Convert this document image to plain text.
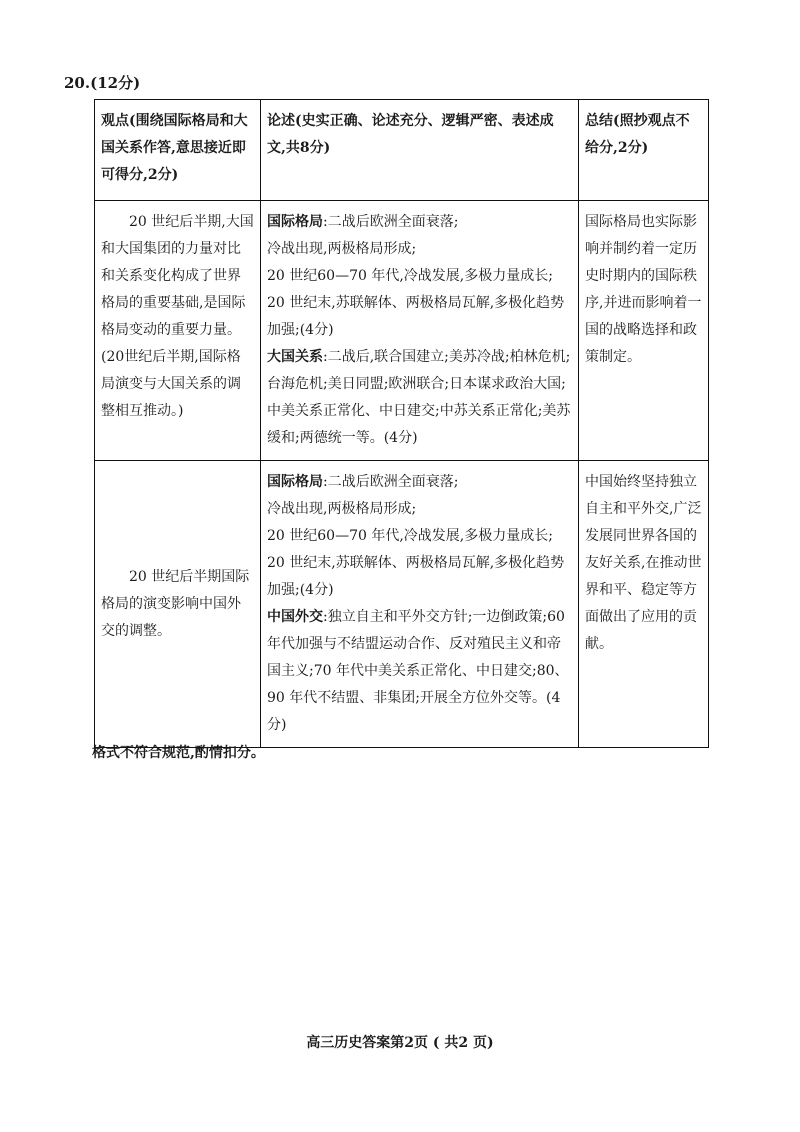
20.(12分)
观点(围绕国际格局和大国关系作答,意思接近即可得分,2分)	论述(史实正确、论述充分、逻辑严密、表述成文,共8分)	总结(照抄观点不给分,2分)
20 世纪后半期,大国和大国集团的力量对比和关系变化构成了世界格局的重要基础,是国际格局变动的重要力量。(20世纪后半期,国际格局演变与大国关系的调整相互推动。)	国际格局:二战后欧洲全面衰落;
冷战出现,两极格局形成;
20 世纪60—70 年代,冷战发展,多极力量成长;
20 世纪末,苏联解体、两极格局瓦解,多极化趋势加强;(4分)
大国关系:二战后,联合国建立;美苏冷战;柏林危机;台海危机;美日同盟;欧洲联合;日本谋求政治大国;中美关系正常化、中日建交;中苏关系正常化;美苏缓和;两德统一等。(4分)	国际格局也实际影响并制约着一定历史时期内的国际秩序,并进而影响着一国的战略选择和政策制定。
20 世纪后半期国际格局的演变影响中国外交的调整。	国际格局:二战后欧洲全面衰落;
冷战出现,两极格局形成;
20 世纪60—70 年代,冷战发展,多极力量成长;
20 世纪末,苏联解体、两极格局瓦解,多极化趋势加强;(4分)
中国外交:独立自主和平外交方针;一边倒政策;60 年代加强与不结盟运动合作、反对殖民主义和帝国主义;70 年代中美关系正常化、中日建交;80、90 年代不结盟、非集团;开展全方位外交等。(4分)	中国始终坚持独立自主和平外交,广泛发展同世界各国的友好关系,在推动世界和平、稳定等方面做出了应用的贡献。
格式不符合规范,酌情扣分。
高三历史答案第2页 ( 共2 页)
